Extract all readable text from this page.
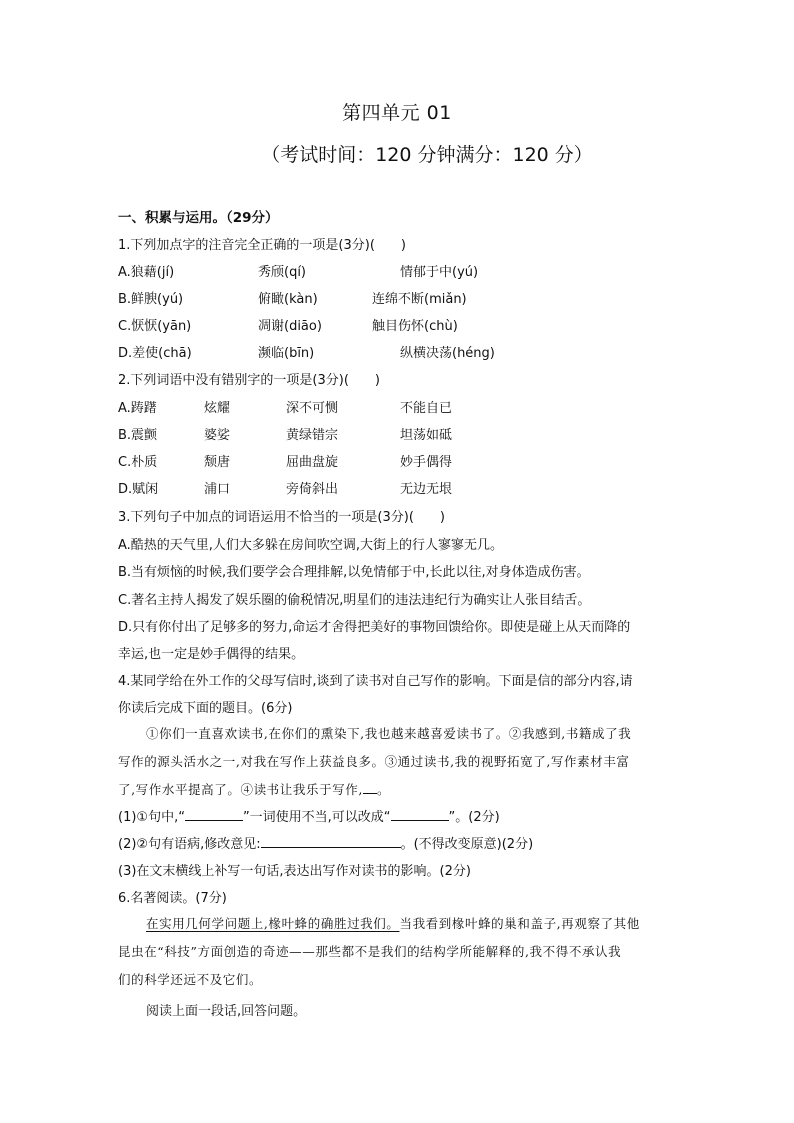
第四单元 01
（考试时间：120 分钟满分：120 分）
一、积累与运用。（29分）
1.下列加点字的注音完全正确的一项是(3分)(　　)
A.狼藉(jí)	秀颀(qí)	情郁于中(yú)
B.鲜腴(yú)	俯瞰(kàn)	连绵不断(miǎn)
C.恹恹(yān)	凋谢(diāo)	触目伤怀(chù)
D.差使(chā)	濒临(bīn)	纵横决荡(héng)
2.下列词语中没有错别字的一项是(3分)(　　)
A.踌躇	炫耀	深不可恻	不能自已
B.震颤	婆娑	黄绿错宗	坦荡如砥
C.朴质	颓唐	屈曲盘旋	妙手偶得
D.赋闲	浦口	旁倚斜出	无边无垠
3.下列句子中加点的词语运用不恰当的一项是(3分)(　　)
A.酷热的天气里,人们大多躲在房间吹空调,大街上的行人寥寥无几。
B.当有烦恼的时候,我们要学会合理排解,以免情郁于中,长此以往,对身体造成伤害。
C.著名主持人揭发了娱乐圈的偷税情况,明星们的违法违纪行为确实让人张目结舌。
D.只有你付出了足够多的努力,命运才舍得把美好的事物回馈给你。即使是碰上从天而降的
幸运,也一定是妙手偶得的结果。
4.某同学给在外工作的父母写信时,谈到了读书对自己写作的影响。下面是信的部分内容,请
你读后完成下面的题目。(6分)
①你们一直喜欢读书,在你们的熏染下,我也越来越喜爱读书了。②我感到,书籍成了我
写作的源头活水之一,对我在写作上获益良多。③通过读书,我的视野拓宽了,写作素材丰富
了,写作水平提高了。④读书让我乐于写作, 。
(1)①句中,“	”一词使用不当,可以改成“	”。(2分)
(2)②句有语病,修改意见:	。(不得改变原意)(2分)
(3)在文末横线上补写一句话,表达出写作对读书的影响。(2分)
6.名著阅读。(7分)
在实用几何学问题上,椽叶蜂的确胜过我们。当我看到椽叶蜂的巢和盖子,再观察了其他
昆虫在“科技”方面创造的奇迹——那些都不是我们的结构学所能解释的,我不得不承认我
们的科学还远不及它们。
阅读上面一段话,回答问题。
